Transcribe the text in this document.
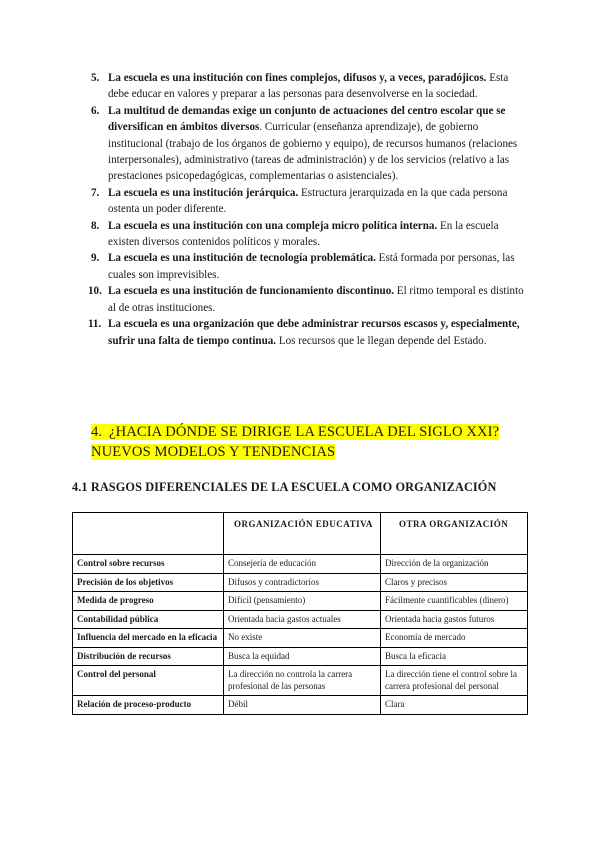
5. La escuela es una institución con fines complejos, difusos y, a veces, paradójicos. Esta debe educar en valores y preparar a las personas para desenvolverse en la sociedad.

6. La multitud de demandas exige un conjunto de actuaciones del centro escolar que se diversifican en ámbitos diversos. Curricular (enseñanza aprendizaje), de gobierno institucional (trabajo de los órganos de gobierno y equipo), de recursos humanos (relaciones interpersonales), administrativo (tareas de administración) y de los servicios (relativo a las prestaciones psicopedagógicas, complementarias o asistenciales).

7. La escuela es una institución jerárquica. Estructura jerarquizada en la que cada persona ostenta un poder diferente.

8. La escuela es una institución con una compleja micro política interna. En la escuela existen diversos contenidos políticos y morales.

9. La escuela es una institución de tecnología problemática. Está formada por personas, las cuales son imprevisibles.

10. La escuela es una institución de funcionamiento discontinuo. El ritmo temporal es distinto al de otras instituciones.

11. La escuela es una organización que debe administrar recursos escasos y, especialmente, sufrir una falta de tiempo continua. Los recursos que le llegan depende del Estado.

4. ¿HACIA DÓNDE SE DIRIGE LA ESCUELA DEL SIGLO XXI?
NUEVOS MODELOS Y TENDENCIAS
4.1 RASGOS DIFERENCIALES DE LA ESCUELA COMO ORGANIZACIÓN
	ORGANIZACIÓN EDUCATIVA	OTRA ORGANIZACIÓN
Control sobre recursos	Consejería de educación	Dirección de la organización
Precisión de los objetivos	Difusos y contradictorios	Claros y precisos
Medida de progreso	Difícil (pensamiento)	Fácilmente cuantificables (dinero)
Contabilidad pública	Orientada hacia gastos actuales	Orientada hacia gastos futuros
Influencia del mercado en la eficacia	No existe	Economía de mercado
Distribución de recursos	Busca la equidad	Busca la eficacia
Control del personal	La dirección no controla la carrera profesional de las personas	La dirección tiene el control sobre la carrera profesional del personal
Relación de proceso-producto	Débil	Clara
